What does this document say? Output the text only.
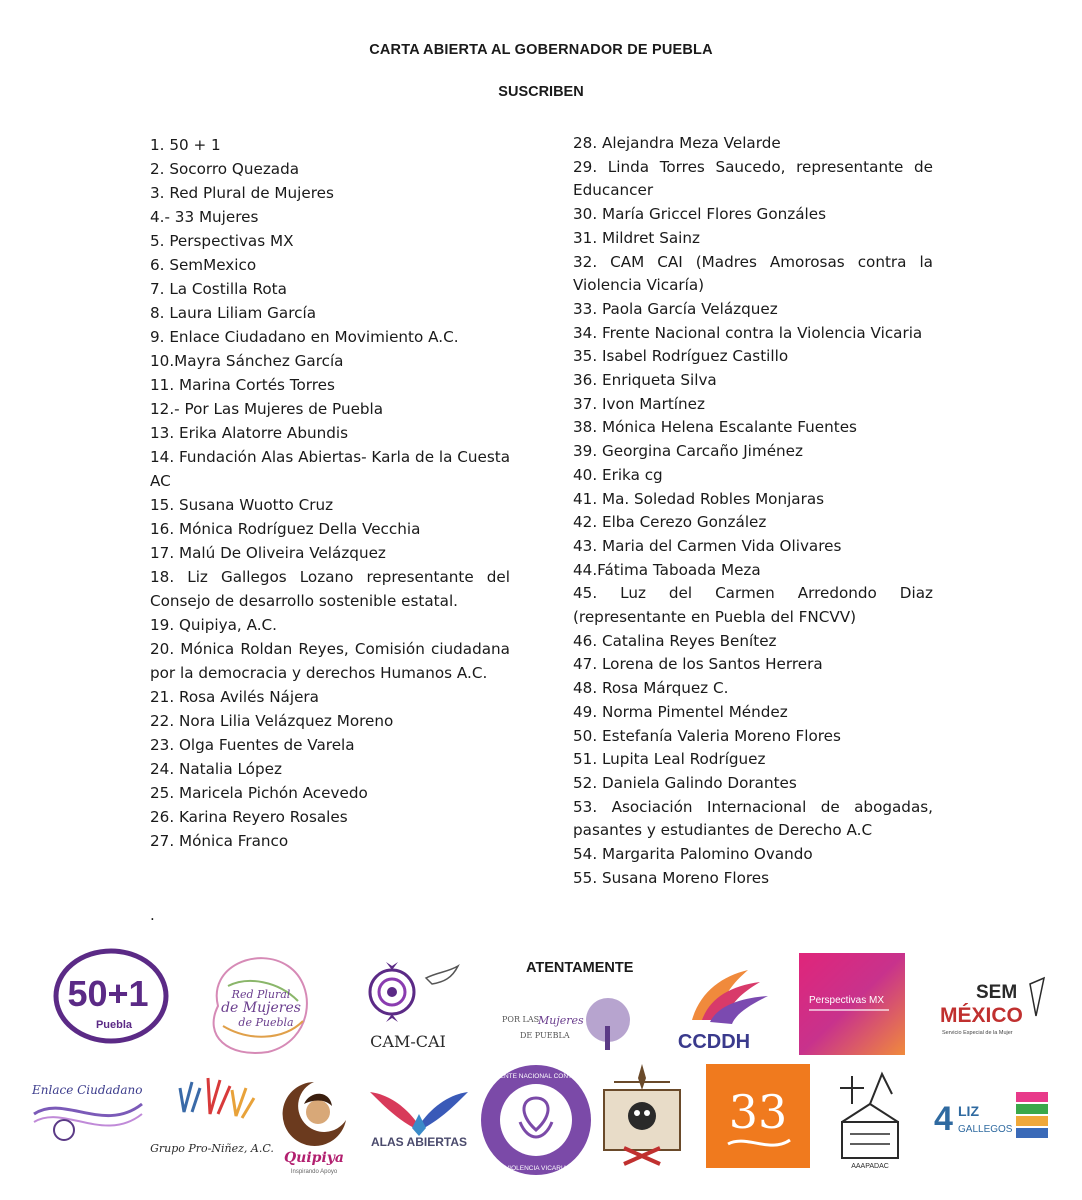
CARTA ABIERTA AL GOBERNADOR DE PUEBLA
SUSCRIBEN

1. 50 + 1

2. Socorro Quezada

3. Red Plural de Mujeres

4.- 33 Mujeres

5. Perspectivas MX

6. SemMexico

7. La Costilla Rota

8. Laura Liliam García

9. Enlace Ciudadano en Movimiento A.C.

10.Mayra Sánchez García

11. Marina Cortés Torres

12.- Por Las Mujeres de Puebla

13. Erika Alatorre Abundis

14. Fundación Alas Abiertas- Karla de la Cuesta AC

15. Susana Wuotto Cruz

16. Mónica Rodríguez Della Vecchia

17. Malú De Oliveira Velázquez

18. Liz Gallegos Lozano representante del Consejo de desarrollo sostenible estatal.

19. Quipiya, A.C.

20. Mónica Roldan Reyes, Comisión ciudadana por la democracia y derechos Humanos A.C.

21. Rosa Avilés Nájera

22. Nora Lilia Velázquez Moreno

23. Olga Fuentes de Varela

24. Natalia López

25. Maricela Pichón Acevedo

26. Karina Reyero Rosales

27. Mónica Franco

28. Alejandra Meza Velarde

29. Linda Torres Saucedo, representante de Educancer

30. María Griccel Flores Gonzáles

31. Mildret Sainz

32. CAM CAI (Madres Amorosas contra la Violencia Vicaría)

33. Paola García Velázquez

34. Frente Nacional contra la Violencia Vicaria

35. Isabel Rodríguez Castillo

36. Enriqueta Silva

37. Ivon Martínez

38. Mónica Helena Escalante Fuentes

39. Georgina Carcaño Jiménez

40. Erika cg

41. Ma. Soledad Robles Monjaras

42. Elba Cerezo González

43. Maria del Carmen Vida Olivares

44.Fátima Taboada Meza

45. Luz del Carmen Arredondo Diaz (representante en Puebla del FNCVV)

46. Catalina Reyes Benítez

47. Lorena de los Santos Herrera

48. Rosa Márquez C.

49. Norma Pimentel Méndez

50. Estefanía Valeria Moreno Flores

51. Lupita Leal Rodríguez

52. Daniela Galindo Dorantes

53. Asociación Internacional de abogadas, pasantes y estudiantes de Derecho A.C

54. Margarita Palomino Ovando

55. Susana Moreno Flores

.
ATENTAMENTE
50+1
Puebla
Red Plural
de Mujeres
de Puebla
CAM-CAI
POR LAS
Mujeres
DE PUEBLA	CCDDH
Perspectivas MX	SEM
MÉXICO
Servicio Especial de la Mujer
Enlace Ciudadano
Grupo Pro-Niñez, A.C.
Quipiya
Inspirando Apoyo
ALAS ABIERTAS
FRENTE NACIONAL CONTRA
VIOLENCIA VICARIA
33
AAAPADAC
4 LIZ
GALLEGOS
